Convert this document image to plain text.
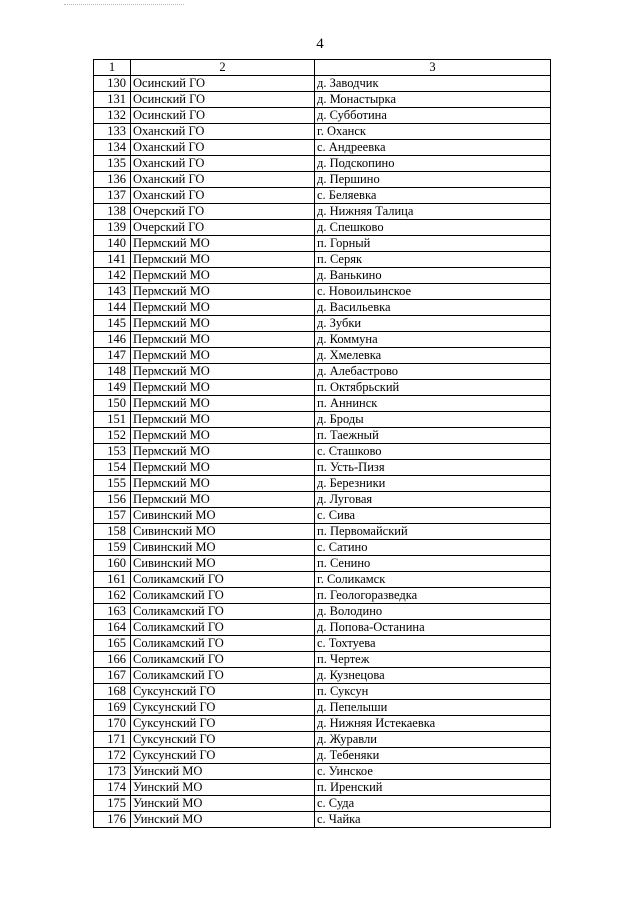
4
1	2	3
130	Осинский ГО	д. Заводчик
131	Осинский ГО	д. Монастырка
132	Осинский ГО	д. Субботина
133	Оханский ГО	г. Оханск
134	Оханский ГО	с. Андреевка
135	Оханский ГО	д. Подскопино
136	Оханский ГО	д. Першино
137	Оханский ГО	с. Беляевка
138	Очерский ГО	д. Нижняя Талица
139	Очерский ГО	д. Спешково
140	Пермский МО	п. Горный
141	Пермский МО	п. Серяк
142	Пермский МО	д. Ванькино
143	Пермский МО	с. Новоильинское
144	Пермский МО	д. Васильевка
145	Пермский МО	д. Зубки
146	Пермский МО	д. Коммуна
147	Пермский МО	д. Хмелевка
148	Пермский МО	д. Алебастрово
149	Пермский МО	п. Октябрьский
150	Пермский МО	п. Аннинск
151	Пермский МО	д. Броды
152	Пермский МО	п. Таежный
153	Пермский МО	с. Сташково
154	Пермский МО	п. Усть-Пизя
155	Пермский МО	д. Березники
156	Пермский МО	д. Луговая
157	Сивинский МО	с. Сива
158	Сивинский МО	п. Первомайский
159	Сивинский МО	с. Сатино
160	Сивинский МО	п. Сенино
161	Соликамский ГО	г. Соликамск
162	Соликамский ГО	п. Геологоразведка
163	Соликамский ГО	д. Володино
164	Соликамский ГО	д. Попова-Останина
165	Соликамский ГО	с. Тохтуева
166	Соликамский ГО	п. Чертеж
167	Соликамский ГО	д. Кузнецова
168	Суксунский ГО	п. Суксун
169	Суксунский ГО	д. Пепелыши
170	Суксунский ГО	д. Нижняя Истекаевка
171	Суксунский ГО	д. Журавли
172	Суксунский ГО	д. Тебеняки
173	Уинский МО	с. Уинское
174	Уинский МО	п. Иренский
175	Уинский МО	с. Суда
176	Уинский МО	с. Чайка
